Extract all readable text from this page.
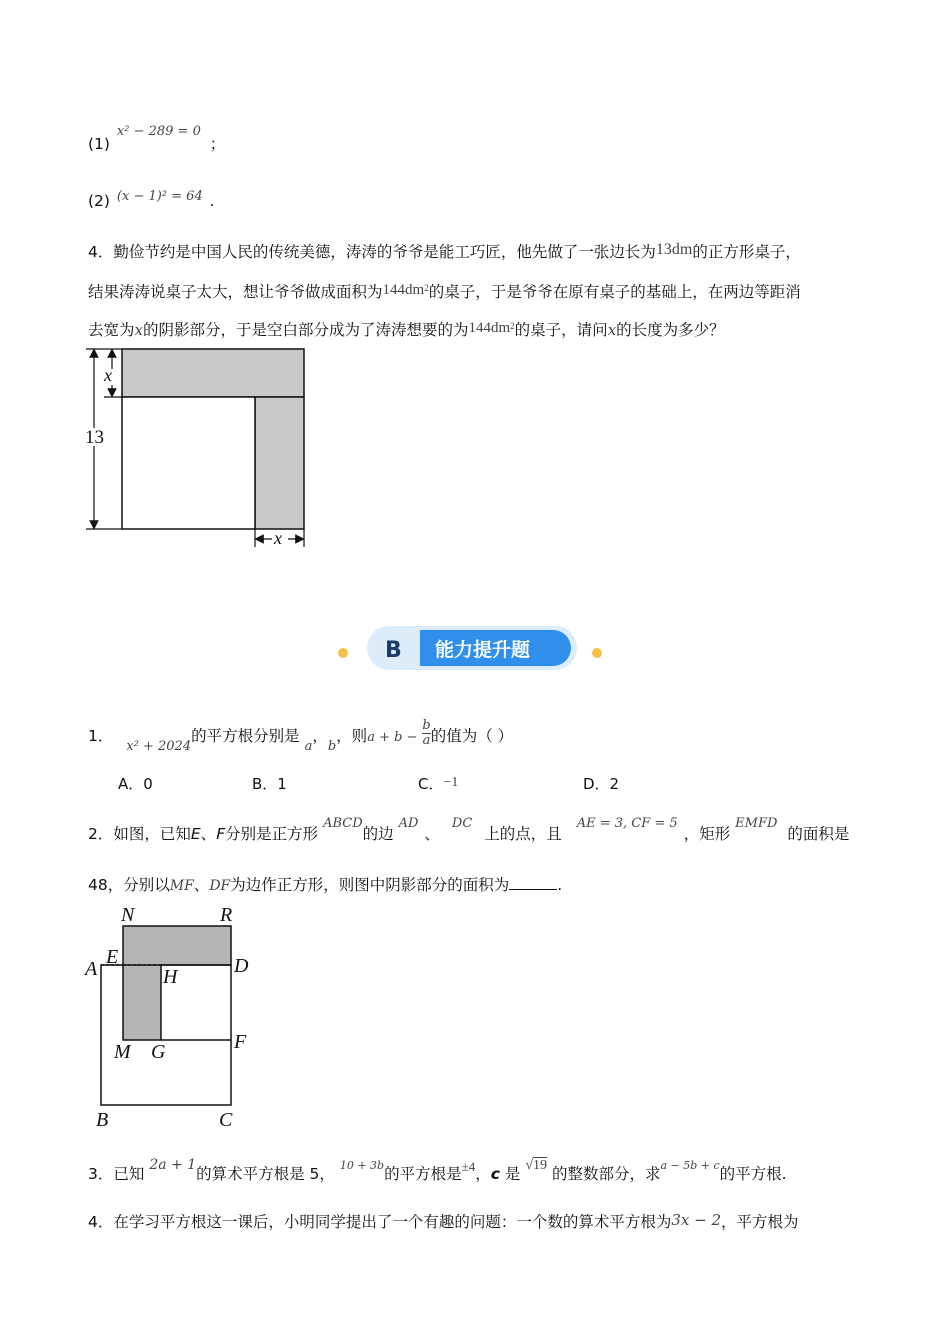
(1) $^{x^2 - 289 = 0}$ ；
(2) $^{(x - 1)^2 = 64}$ .
4．勤俭节约是中国人民的传统美德，涛涛的爷爷是能工巧匠，他先做了一张边长为13dm的正方形桌子，
结果涛涛说桌子太大，想让爷爷做成面积为$144dm^2$的桌子，于是爷爷在原有桌子的基础上，在两边等距消
去宽为x的阴影部分，于是空白部分成为了涛涛想要的为$144dm^2$的桌子，请问x的长度为多少？
x
13
x
B 能力提升题
1． $_{x^2 + 2024}$的平方根分别是 $_a$，$_b$，则$a + b - \frac{b}{a}$ 的值为（ ）
A．0	B．1	C．−1	D．2
2．如图，已知E、F分别是正方形 $^{ABCD}$的边 $^{AD}$、$^{DC}$上的点，且 $^{AE = 3, CF = 5}$，矩形 $^{EMFD}$的面积是
48，分别以MF、DF为边作正方形，则图中阴影部分的面积为	.
N	R
A
E	D
H
M G	F
B	C
3．已知 2a + 1的算术平方根是 5， $^{10 + 3b}$的平方根是$^{\pm 4}$，c 是 √19 的整数部分，求$^{a - 5b + c}$的平方根.
4．在学习平方根这一课后，小明同学提出了一个有趣的问题：一个数的算术平方根为3x − 2，平方根为
